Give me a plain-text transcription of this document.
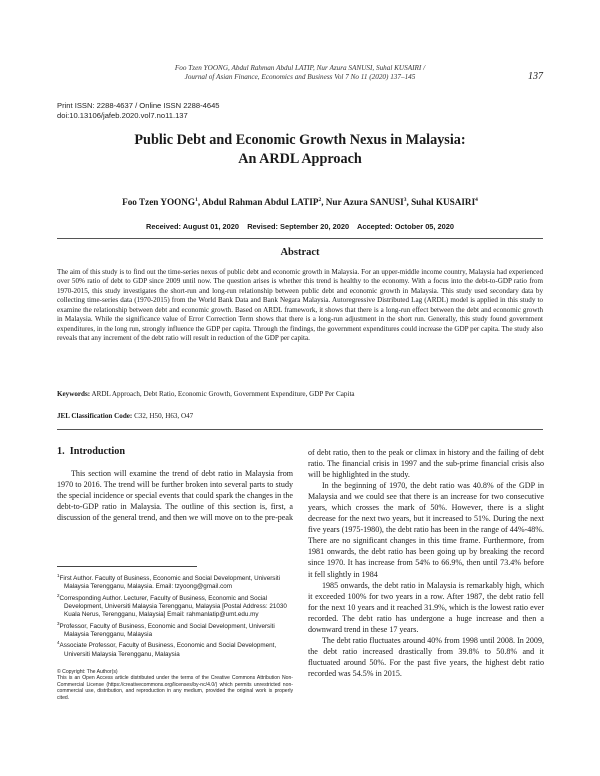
Foo Tzen YOONG, Abdul Rahman Abdul LATIP, Nur Azura SANUSI, Suhal KUSAIRI /
Journal of Asian Finance, Economics and Business Vol 7 No 11 (2020) 137–145	137
Print ISSN: 2288-4637 / Online ISSN 2288-4645
doi:10.13106/jafeb.2020.vol7.no11.137
Public Debt and Economic Growth Nexus in Malaysia:
An ARDL Approach
Foo Tzen YOONG$^1$, Abdul Rahman Abdul LATIP$^2$, Nur Azura SANUSI$^3$, Suhal KUSAIRI$^4$
Received: August 01, 2020    Revised: September 20, 2020    Accepted: October 05, 2020
Abstract
The aim of this study is to find out the time-series nexus of public debt and economic growth in Malaysia. For an upper-middle income country, Malaysia had experienced over 50% ratio of debt to GDP since 2009 until now. The question arises is whether this trend is healthy to the economy. With a focus into the debt-to-GDP ratio from 1970-2015, this study investigates the short-run and long-run relationship between public debt and economic growth in Malaysia. This study used secondary data by collecting time-series data (1970-2015) from the World Bank Data and Bank Negara Malaysia. Autoregressive Distributed Lag (ARDL) model is applied in this study to examine the relationship between debt and economic growth. Based on ARDL framework, it shows that there is a long-run effect between the debt and economic growth in Malaysia. While the significance value of Error Correction Term shows that there is a long-run adjustment in the short run. Generally, this study found government expenditures, in the long run, strongly influence the GDP per capita. Through the findings, the government expenditures could increase the GDP per capita. The study also reveals that any increment of the debt ratio will result in reduction of the GDP per capita.
Keywords: ARDL Approach, Debt Ratio, Economic Growth, Government Expenditure, GDP Per Capita
JEL Classification Code: C32, H50, H63, O47
1.  Introduction

This section will examine the trend of debt ratio in Malaysia from 1970 to 2016. The trend will be further broken into several parts to study the special incidence or special events that could spark the changes in the debt-to-GDP ratio in Malaysia. The outline of this section is, first, a discussion of the general trend, and then we will move on to the pre-peak

$^1$First Author. Faculty of Business, Economic and Social Development, Universiti Malaysia Terengganu, Malaysia. Email: tzyoong@gmail.com
$^2$Corresponding Author. Lecturer, Faculty of Business, Economic and Social Development, Universiti Malaysia Terengganu, Malaysia [Postal Address: 21030 Kuala Nerus, Terengganu, Malaysia] Email: rahmanlatip@umt.edu.my
$^3$Professor, Faculty of Business, Economic and Social Development, Universiti Malaysia Terengganu, Malaysia
$^4$Associate Professor, Faculty of Business, Economic and Social Development, Universiti Malaysia Terengganu, Malaysia
© Copyright: The Author(s)
This is an Open Access article distributed under the terms of the Creative Commons Attribution Non-Commercial License (https://creativecommons.org/licenses/by-nc/4.0/) which permits unrestricted non-commercial use, distribution, and reproduction in any medium, provided the original work is properly cited.

of debt ratio, then to the peak or climax in history and the failing of debt ratio. The financial crisis in 1997 and the sub-prime financial crisis also will be highlighted in the study.

In the beginning of 1970, the debt ratio was 40.8% of the GDP in Malaysia and we could see that there is an increase for two consecutive years, which crosses the mark of 50%. However, there is a slight decrease for the next two years, but it increased to 51%. During the next five years (1975-1980), the debt ratio has been in the range of 44%-48%. There are no significant changes in this time frame. Furthermore, from 1981 onwards, the debt ratio has been going up by breaking the record since 1970. It has increase from 54% to 66.9%, then until 73.4% before it fell slightly in 1984

1985 onwards, the debt ratio in Malaysia is remarkably high, which it exceeded 100% for two years in a row. After 1987, the debt ratio fell for the next 10 years and it reached 31.9%, which is the lowest ratio ever recorded. The debt ratio has undergone a huge increase and then a downward trend in these 17 years.

The debt ratio fluctuates around 40% from 1998 until 2008. In 2009, the debt ratio increased drastically from 39.8% to 50.8% and it fluctuated around 50%. For the past five years, the highest debt ratio recorded was 54.5% in 2015.
